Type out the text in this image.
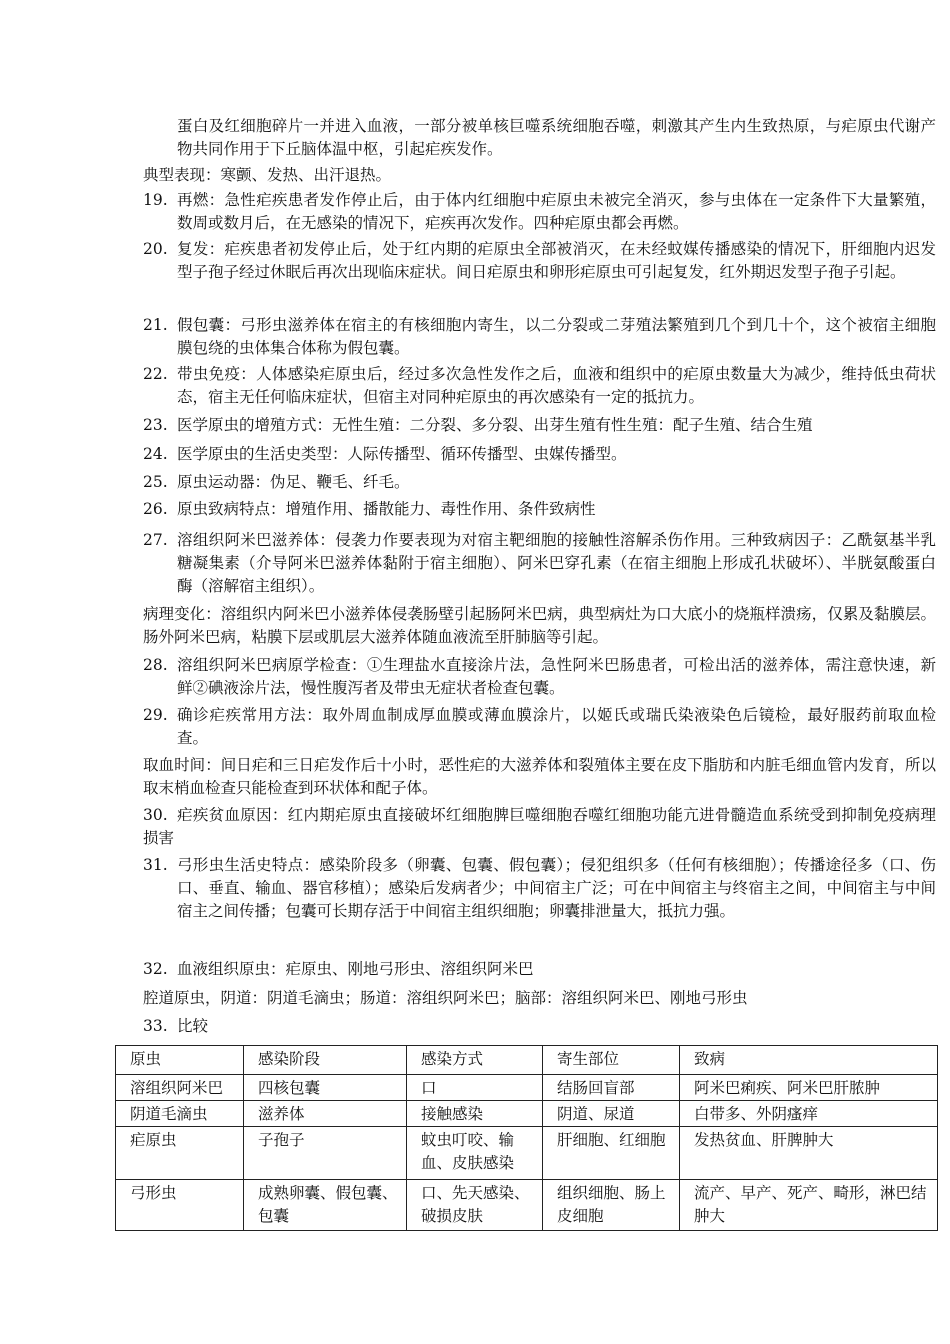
蛋白及红细胞碎片一并进入血液，一部分被单核巨噬系统细胞吞噬，刺激其产生内生致热原，与疟原虫代谢产物共同作用于下丘脑体温中枢，引起疟疾发作。
典型表现：寒颤、发热、出汗退热。
19. 再燃：急性疟疾患者发作停止后，由于体内红细胞中疟原虫未被完全消灭，参与虫体在一定条件下大量繁殖，数周或数月后，在无感染的情况下，疟疾再次发作。四种疟原虫都会再燃。
20. 复发：疟疾患者初发停止后，处于红内期的疟原虫全部被消灭，在未经蚊媒传播感染的情况下，肝细胞内迟发型子孢子经过休眠后再次出现临床症状。间日疟原虫和卵形疟原虫可引起复发，红外期迟发型子孢子引起。
21. 假包囊：弓形虫滋养体在宿主的有核细胞内寄生，以二分裂或二芽殖法繁殖到几个到几十个，这个被宿主细胞膜包绕的虫体集合体称为假包囊。
22. 带虫免疫：人体感染疟原虫后，经过多次急性发作之后，血液和组织中的疟原虫数量大为减少，维持低虫荷状态，宿主无任何临床症状，但宿主对同种疟原虫的再次感染有一定的抵抗力。
23. 医学原虫的增殖方式：无性生殖：二分裂、多分裂、出芽生殖有性生殖：配子生殖、结合生殖
24. 医学原虫的生活史类型：人际传播型、循环传播型、虫媒传播型。
25. 原虫运动器：伪足、鞭毛、纤毛。
26. 原虫致病特点：增殖作用、播散能力、毒性作用、条件致病性
27. 溶组织阿米巴滋养体：侵袭力作要表现为对宿主靶细胞的接触性溶解杀伤作用。三种致病因子：乙酰氨基半乳糖凝集素（介导阿米巴滋养体黏附于宿主细胞）、阿米巴穿孔素（在宿主细胞上形成孔状破坏）、半胱氨酸蛋白酶（溶解宿主组织）。
病理变化：溶组织内阿米巴小滋养体侵袭肠壁引起肠阿米巴病，典型病灶为口大底小的烧瓶样溃疡，仅累及黏膜层。肠外阿米巴病，粘膜下层或肌层大滋养体随血液流至肝肺脑等引起。
28. 溶组织阿米巴病原学检查：①生理盐水直接涂片法，急性阿米巴肠患者，可检出活的滋养体，需注意快速，新鲜②碘液涂片法，慢性腹泻者及带虫无症状者检查包囊。
29. 确诊疟疾常用方法：取外周血制成厚血膜或薄血膜涂片，以姬氏或瑞氏染液染色后镜检，最好服药前取血检查。
取血时间：间日疟和三日疟发作后十小时，恶性疟的大滋养体和裂殖体主要在皮下脂肪和内脏毛细血管内发育，所以取末梢血检查只能检查到环状体和配子体。
30. 疟疾贫血原因：红内期疟原虫直接破坏红细胞脾巨噬细胞吞噬红细胞功能亢进骨髓造血系统受到抑制免疫病理损害
31. 弓形虫生活史特点：感染阶段多（卵囊、包囊、假包囊）；侵犯组织多（任何有核细胞）；传播途径多（口、伤口、垂直、输血、器官移植）；感染后发病者少；中间宿主广泛；可在中间宿主与终宿主之间，中间宿主与中间宿主之间传播；包囊可长期存活于中间宿主组织细胞；卵囊排泄量大，抵抗力强。
32. 血液组织原虫：疟原虫、刚地弓形虫、溶组织阿米巴
腔道原虫，阴道：阴道毛滴虫；肠道：溶组织阿米巴；脑部：溶组织阿米巴、刚地弓形虫
33. 比较
原虫	感染阶段	感染方式	寄生部位	致病
溶组织阿米巴	四核包囊	口	结肠回盲部	阿米巴痢疾、阿米巴肝脓肿
阴道毛滴虫	滋养体	接触感染	阴道、尿道	白带多、外阴瘙痒
疟原虫	子孢子	蚊虫叮咬、输血、皮肤感染	肝细胞、红细胞	发热贫血、肝脾肿大
弓形虫	成熟卵囊、假包囊、包囊	口、先天感染、破损皮肤	组织细胞、肠上皮细胞	流产、早产、死产、畸形，淋巴结肿大
